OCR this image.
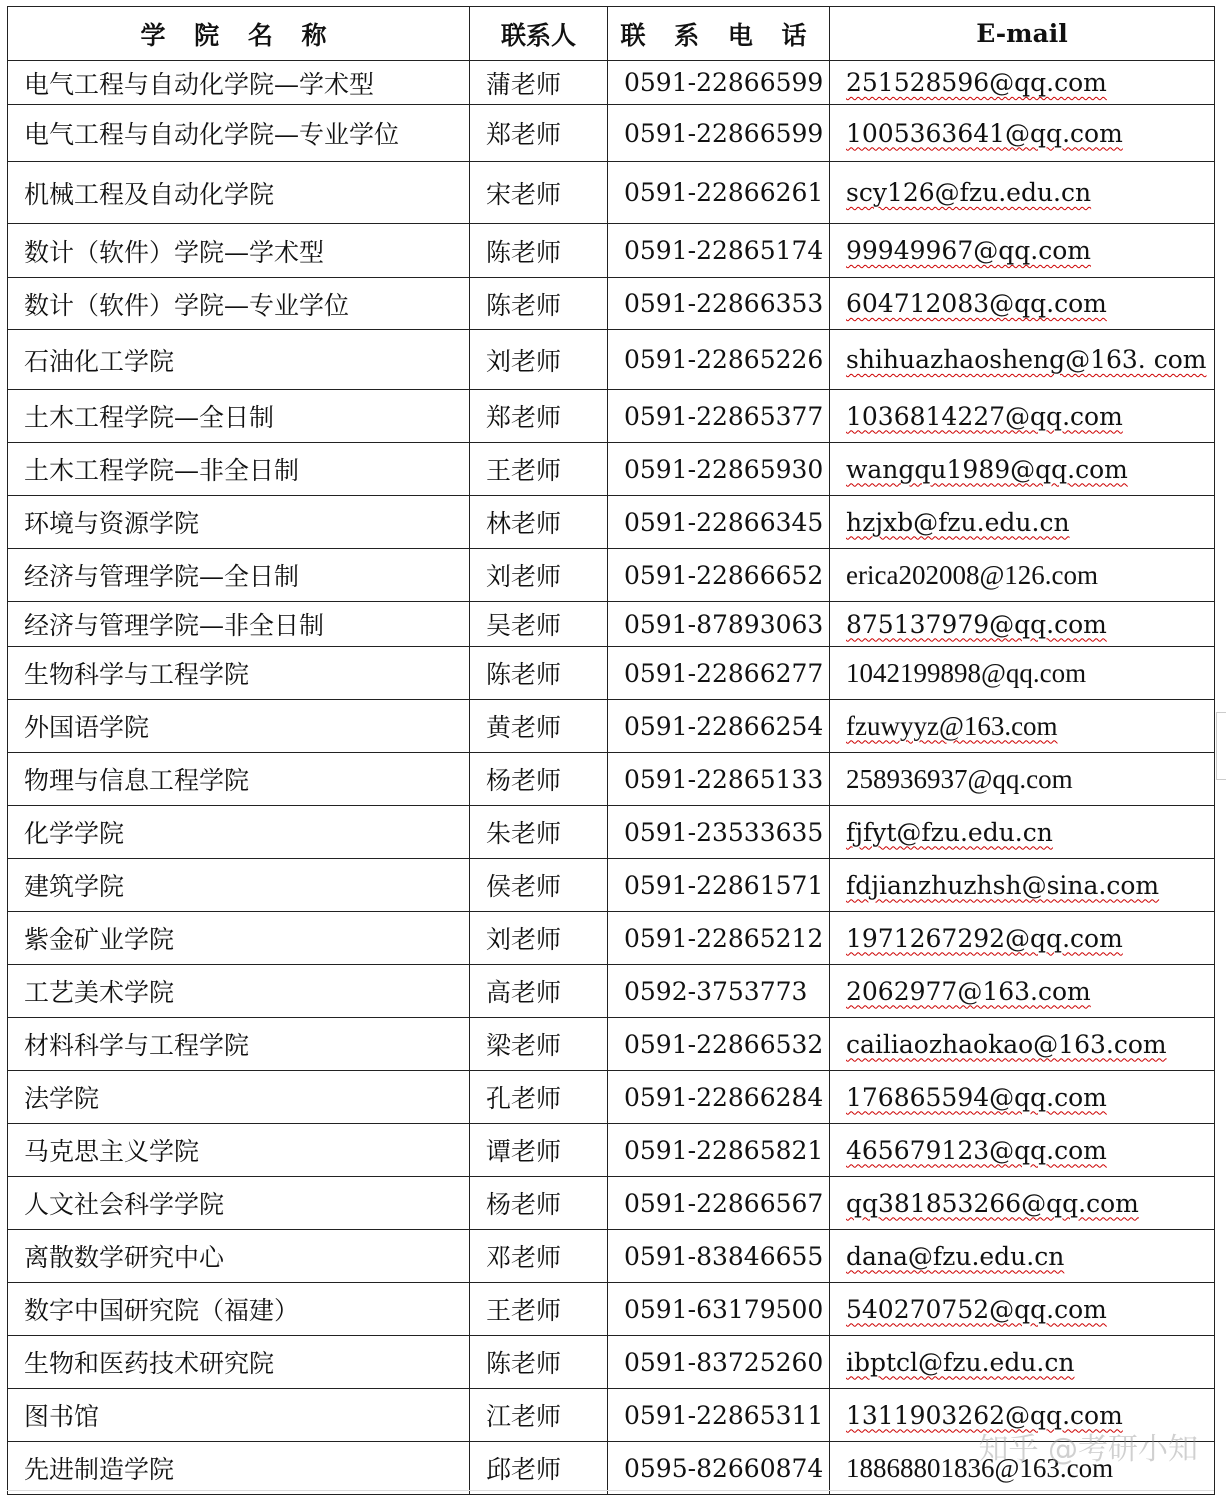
学 院 名 称	联系人	联 系 电 话	E-mail
电气工程与自动化学院—学术型	蒲老师	0591-22866599	251528596@qq.com
电气工程与自动化学院—专业学位	郑老师	0591-22866599	1005363641@qq.com
机械工程及自动化学院	宋老师	0591-22866261	scy126@fzu.edu.cn
数计（软件）学院—学术型	陈老师	0591-22865174	99949967@qq.com
数计（软件）学院—专业学位	陈老师	0591-22866353	604712083@qq.com
石油化工学院	刘老师	0591-22865226	shihuazhaosheng@163. com
土木工程学院—全日制	郑老师	0591-22865377	1036814227@qq.com
土木工程学院—非全日制	王老师	0591-22865930	wangqu1989@qq.com
环境与资源学院	林老师	0591-22866345	hzjxb@fzu.edu.cn
经济与管理学院—全日制	刘老师	0591-22866652	erica202008@126.com
经济与管理学院—非全日制	吴老师	0591-87893063	875137979@qq.com
生物科学与工程学院	陈老师	0591-22866277	1042199898@qq.com
外国语学院	黄老师	0591-22866254	fzuwyyz@163.com
物理与信息工程学院	杨老师	0591-22865133	258936937@qq.com
化学学院	朱老师	0591-23533635	fjfyt@fzu.edu.cn
建筑学院	侯老师	0591-22861571	fdjianzhuzhsh@sina.com
紫金矿业学院	刘老师	0591-22865212	1971267292@qq.com
工艺美术学院	高老师	0592-3753773	2062977@163.com
材料科学与工程学院	梁老师	0591-22866532	cailiaozhaokao@163.com
法学院	孔老师	0591-22866284	176865594@qq.com
马克思主义学院	谭老师	0591-22865821	465679123@qq.com
人文社会科学学院	杨老师	0591-22866567	qq381853266@qq.com
离散数学研究中心	邓老师	0591-83846655	dana@fzu.edu.cn
数字中国研究院（福建）	王老师	0591-63179500	540270752@qq.com
生物和医药技术研究院	陈老师	0591-83725260	ibptcl@fzu.edu.cn
图书馆	江老师	0591-22865311	1311903262@qq.com
先进制造学院	邱老师	0595-82660874	18868801836@163.com
知乎 @考研小知
